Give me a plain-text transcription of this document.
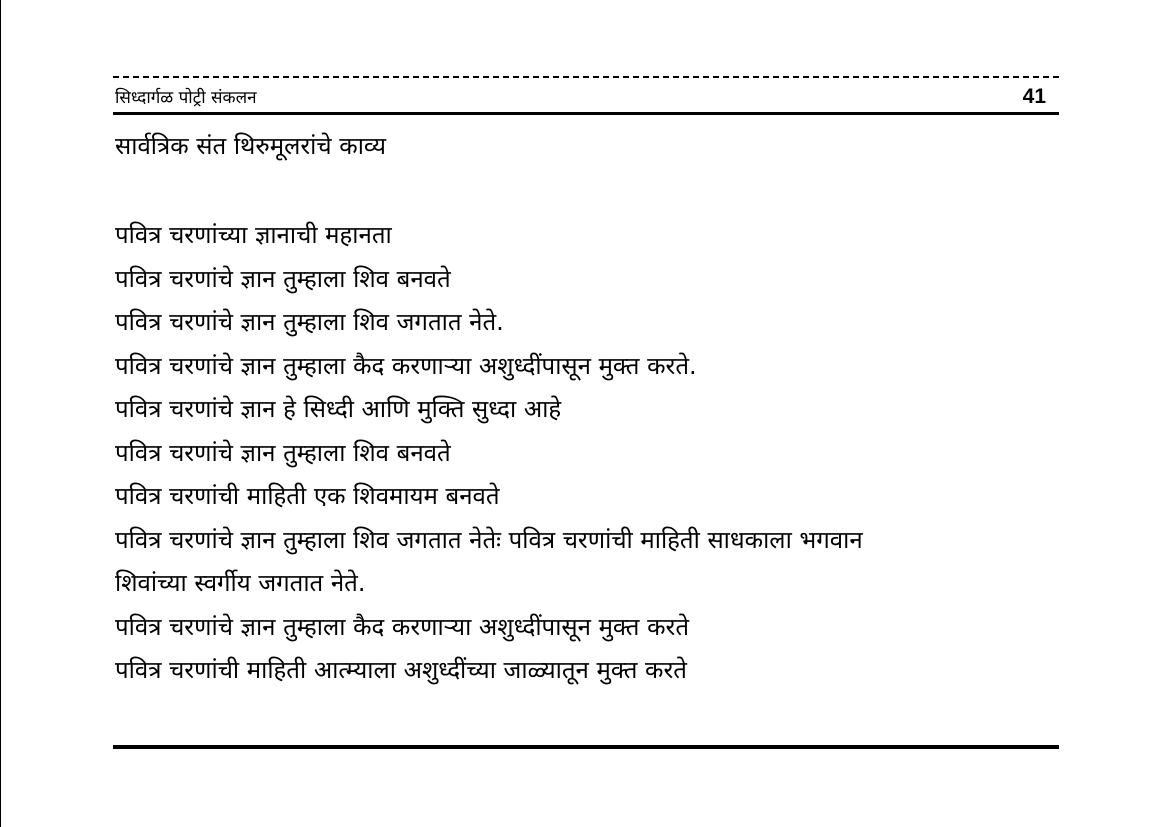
सिध्दार्गळ पोट्री संकलन	41
सार्वत्रिक संत थिरुमूलरांचे काव्य
पवित्र चरणांच्या ज्ञानाची महानता
पवित्र चरणांचे ज्ञान तुम्हाला शिव बनवते
पवित्र चरणांचे ज्ञान तुम्हाला शिव जगतात नेते.
पवित्र चरणांचे ज्ञान तुम्हाला कैद करणाऱ्या अशुध्दींपासून मुक्त करते.
पवित्र चरणांचे ज्ञान हे सिध्दी आणि मुक्ति सुध्दा आहे
पवित्र चरणांचे ज्ञान तुम्हाला शिव बनवते
पवित्र चरणांची माहिती एक शिवमायम बनवते
पवित्र चरणांचे ज्ञान तुम्हाला शिव जगतात नेतेः पवित्र चरणांची माहिती साधकाला भगवान
शिवांच्या स्वर्गीय जगतात नेते.
पवित्र चरणांचे ज्ञान तुम्हाला कैद करणाऱ्या अशुध्दींपासून मुक्त करते
पवित्र चरणांची माहिती आत्म्याला अशुध्दींच्या जाळ्यातून मुक्त करते
